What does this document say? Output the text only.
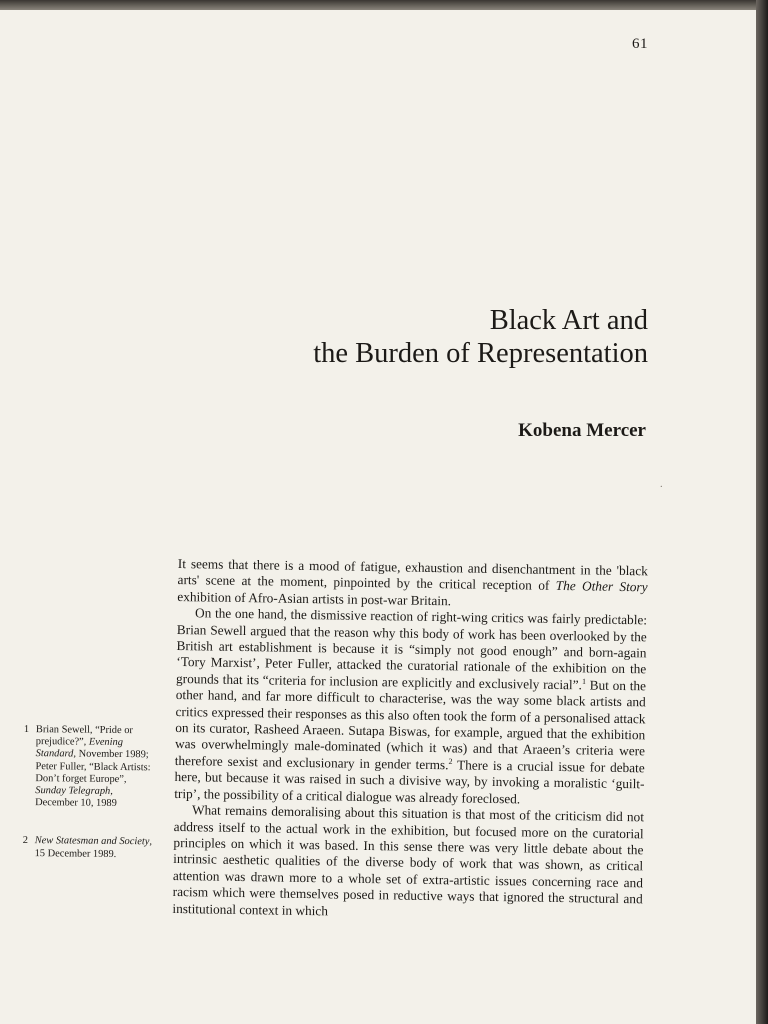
61
Black Art and
the Burden of Representation
Kobena Mercer
·

It seems that there is a mood of fatigue, exhaustion and disenchantment in the 'black arts' scene at the moment, pinpointed by the critical reception of The Other Story exhibition of Afro-Asian artists in post-war Britain.

On the one hand, the dismissive reaction of right-wing critics was fairly predictable: Brian Sewell argued that the reason why this body of work has been overlooked by the British art establishment is because it is “simply not good enough” and born-again ‘Tory Marxist’, Peter Fuller, attacked the curatorial rationale of the exhibition on the grounds that its “criteria for inclusion are explicitly and exclusively racial”.$^1$ But on the other hand, and far more difficult to characterise, was the way some black artists and critics expressed their responses as this also often took the form of a personalised attack on its curator, Rasheed Araeen. Sutapa Biswas, for example, argued that the exhibition was overwhelmingly male-dominated (which it was) and that Araeen’s criteria were therefore sexist and exclusionary in gender terms.$^2$ There is a crucial issue for debate here, but because it was raised in such a divisive way, by invoking a moralistic ‘guilt-trip’, the possibility of a critical dialogue was already foreclosed.

What remains demoralising about this situation is that most of the criticism did not address itself to the actual work in the exhibition, but focused more on the curatorial principles on which it was based. In this sense there was very little debate about the intrinsic aesthetic qualities of the diverse body of work that was shown, as critical attention was drawn more to a whole set of extra-artistic issues concerning race and racism which were themselves posed in reductive ways that ignored the structural and institutional context in which

1 Brian Sewell, “Pride or prejudice?”, Evening Standard, November 1989; Peter Fuller, “Black Artists: Don’t forget Europe”, Sunday Telegraph, December 10, 1989
2 New Statesman and Society, 15 December 1989.
